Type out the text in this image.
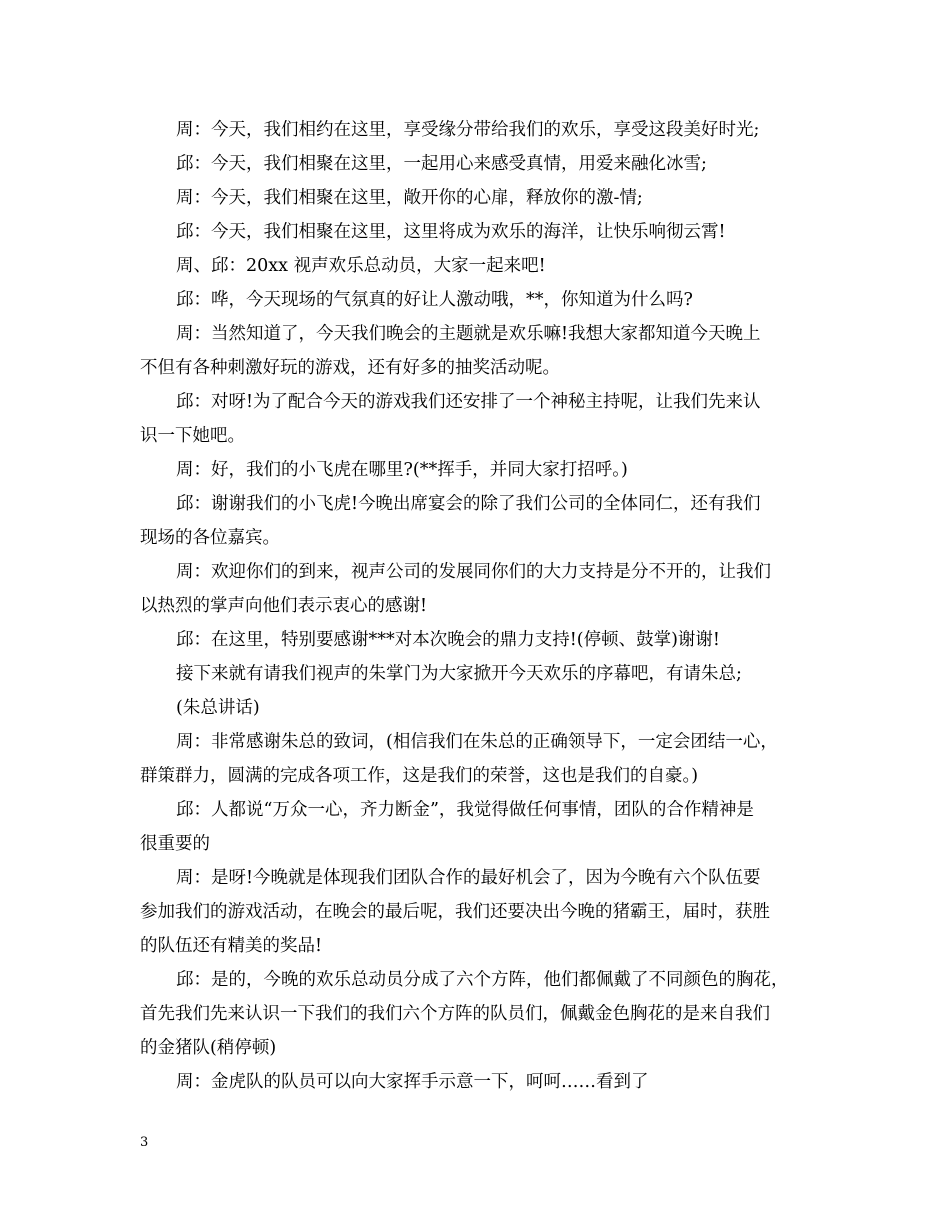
周：今天，我们相约在这里，享受缘分带给我们的欢乐，享受这段美好时光;
邱：今天，我们相聚在这里，一起用心来感受真情，用爱来融化冰雪;
周：今天，我们相聚在这里，敞开你的心扉，释放你的激-情;
邱：今天，我们相聚在这里，这里将成为欢乐的海洋，让快乐响彻云霄!
周、邱：20xx 视声欢乐总动员，大家一起来吧!
邱：哗，今天现场的气氛真的好让人激动哦，**，你知道为什么吗?
周：当然知道了，今天我们晚会的主题就是欢乐嘛!我想大家都知道今天晚上
不但有各种刺激好玩的游戏，还有好多的抽奖活动呢。
邱：对呀!为了配合今天的游戏我们还安排了一个神秘主持呢，让我们先来认
识一下她吧。
周：好，我们的小飞虎在哪里?(**挥手，并同大家打招呼。)
邱：谢谢我们的小飞虎!今晚出席宴会的除了我们公司的全体同仁，还有我们
现场的各位嘉宾。
周：欢迎你们的到来，视声公司的发展同你们的大力支持是分不开的，让我们
以热烈的掌声向他们表示衷心的感谢!
邱：在这里，特别要感谢***对本次晚会的鼎力支持!(停顿、鼓掌)谢谢!
接下来就有请我们视声的朱掌门为大家掀开今天欢乐的序幕吧，有请朱总;
(朱总讲话)
周：非常感谢朱总的致词，(相信我们在朱总的正确领导下，一定会团结一心，
群策群力，圆满的完成各项工作，这是我们的荣誉，这也是我们的自豪。)
邱：人都说“万众一心，齐力断金”，我觉得做任何事情，团队的合作精神是
很重要的
周：是呀!今晚就是体现我们团队合作的最好机会了，因为今晚有六个队伍要
参加我们的游戏活动，在晚会的最后呢，我们还要决出今晚的猪霸王，届时，获胜
的队伍还有精美的奖品!
邱：是的，今晚的欢乐总动员分成了六个方阵，他们都佩戴了不同颜色的胸花，
首先我们先来认识一下我们的我们六个方阵的队员们，佩戴金色胸花的是来自我们
的金猪队(稍停顿)
周：金虎队的队员可以向大家挥手示意一下，呵呵……看到了
3
